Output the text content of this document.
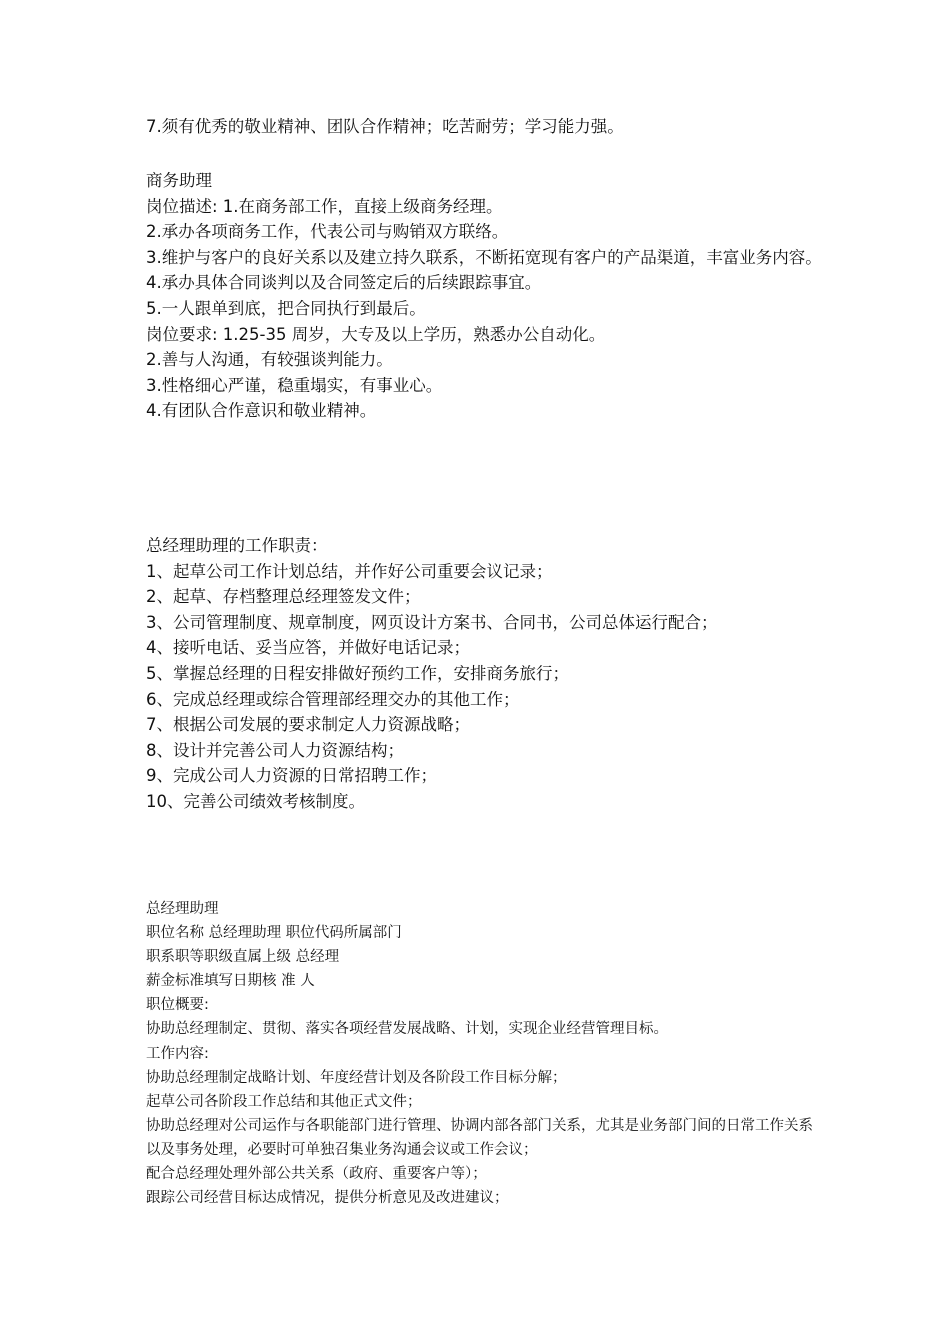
7.须有优秀的敬业精神、团队合作精神；吃苦耐劳；学习能力强。

商务助理

岗位描述: 1.在商务部工作，直接上级商务经理。

2.承办各项商务工作，代表公司与购销双方联络。

3.维护与客户的良好关系以及建立持久联系，不断拓宽现有客户的产品渠道，丰富业务内容。

4.承办具体合同谈判以及合同签定后的后续跟踪事宜。

5.一人跟单到底，把合同执行到最后。

岗位要求: 1.25-35 周岁，大专及以上学历，熟悉办公自动化。

2.善与人沟通，有较强谈判能力。

3.性格细心严谨，稳重塌实，有事业心。

4.有团队合作意识和敬业精神。

总经理助理的工作职责：

1、起草公司工作计划总结，并作好公司重要会议记录；

2、起草、存档整理总经理签发文件；

3、公司管理制度、规章制度，网页设计方案书、合同书，公司总体运行配合；

4、接听电话、妥当应答，并做好电话记录；

5、掌握总经理的日程安排做好预约工作，安排商务旅行；

6、完成总经理或综合管理部经理交办的其他工作；

7、根据公司发展的要求制定人力资源战略；

8、设计并完善公司人力资源结构；

9、完成公司人力资源的日常招聘工作；

10、完善公司绩效考核制度。

总经理助理

职位名称 总经理助理 职位代码所属部门

职系职等职级直属上级 总经理

薪金标准填写日期核 准 人

职位概要:

协助总经理制定、贯彻、落实各项经营发展战略、计划，实现企业经营管理目标。

工作内容:

协助总经理制定战略计划、年度经营计划及各阶段工作目标分解；

起草公司各阶段工作总结和其他正式文件；

协助总经理对公司运作与各职能部门进行管理、协调内部各部门关系，尤其是业务部门间的日常工作关系以及事务处理，必要时可单独召集业务沟通会议或工作会议；

配合总经理处理外部公共关系（政府、重要客户等）；

跟踪公司经营目标达成情况，提供分析意见及改进建议；
